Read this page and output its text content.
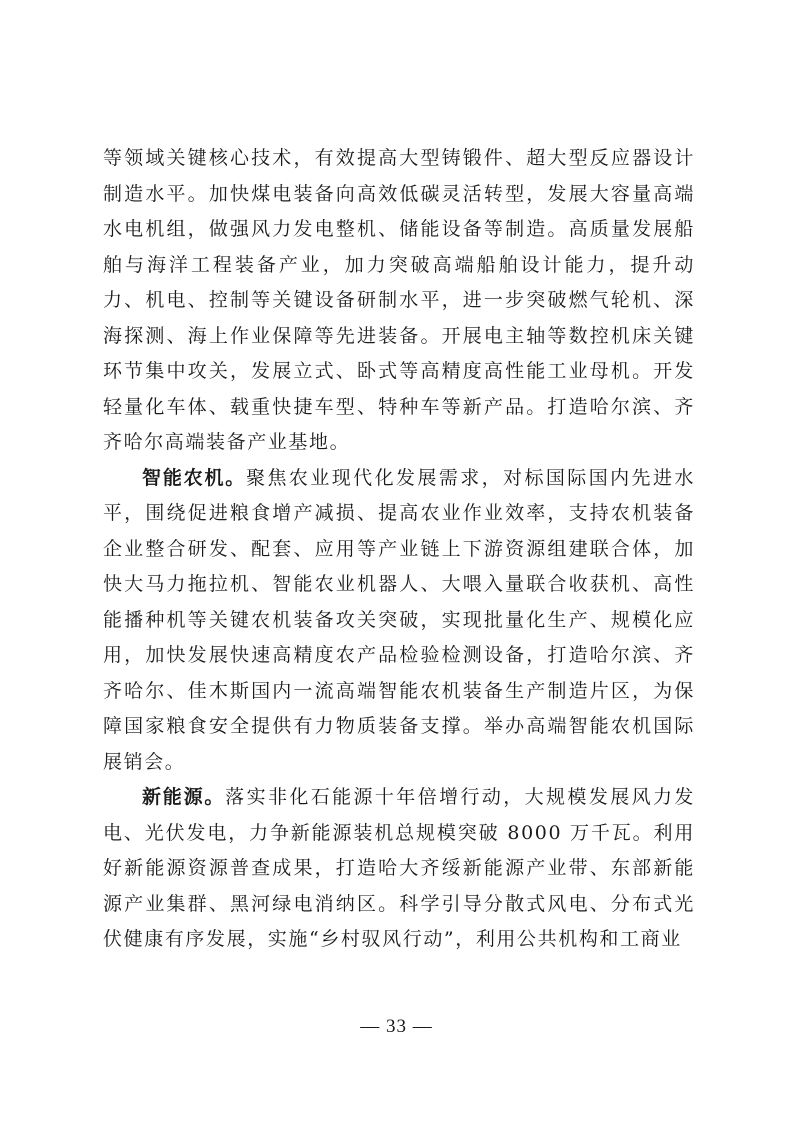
等领域关键核心技术，有效提高大型铸锻件、超大型反应器设计制造水平。加快煤电装备向高效低碳灵活转型，发展大容量高端水电机组，做强风力发电整机、储能设备等制造。高质量发展船舶与海洋工程装备产业，加力突破高端船舶设计能力，提升动力、机电、控制等关键设备研制水平，进一步突破燃气轮机、深海探测、海上作业保障等先进装备。开展电主轴等数控机床关键环节集中攻关，发展立式、卧式等高精度高性能工业母机。开发轻量化车体、载重快捷车型、特种车等新产品。打造哈尔滨、齐齐哈尔高端装备产业基地。

智能农机。聚焦农业现代化发展需求，对标国际国内先进水平，围绕促进粮食增产减损、提高农业作业效率，支持农机装备企业整合研发、配套、应用等产业链上下游资源组建联合体，加快大马力拖拉机、智能农业机器人、大喂入量联合收获机、高性能播种机等关键农机装备攻关突破，实现批量化生产、规模化应用，加快发展快速高精度农产品检验检测设备，打造哈尔滨、齐齐哈尔、佳木斯国内一流高端智能农机装备生产制造片区，为保障国家粮食安全提供有力物质装备支撑。举办高端智能农机国际展销会。

新能源。落实非化石能源十年倍增行动，大规模发展风力发电、光伏发电，力争新能源装机总规模突破 8000 万千瓦。利用好新能源资源普查成果，打造哈大齐绥新能源产业带、东部新能源产业集群、黑河绿电消纳区。科学引导分散式风电、分布式光伏健康有序发展，实施“乡村驭风行动”，利用公共机构和工商业

— 33 —
